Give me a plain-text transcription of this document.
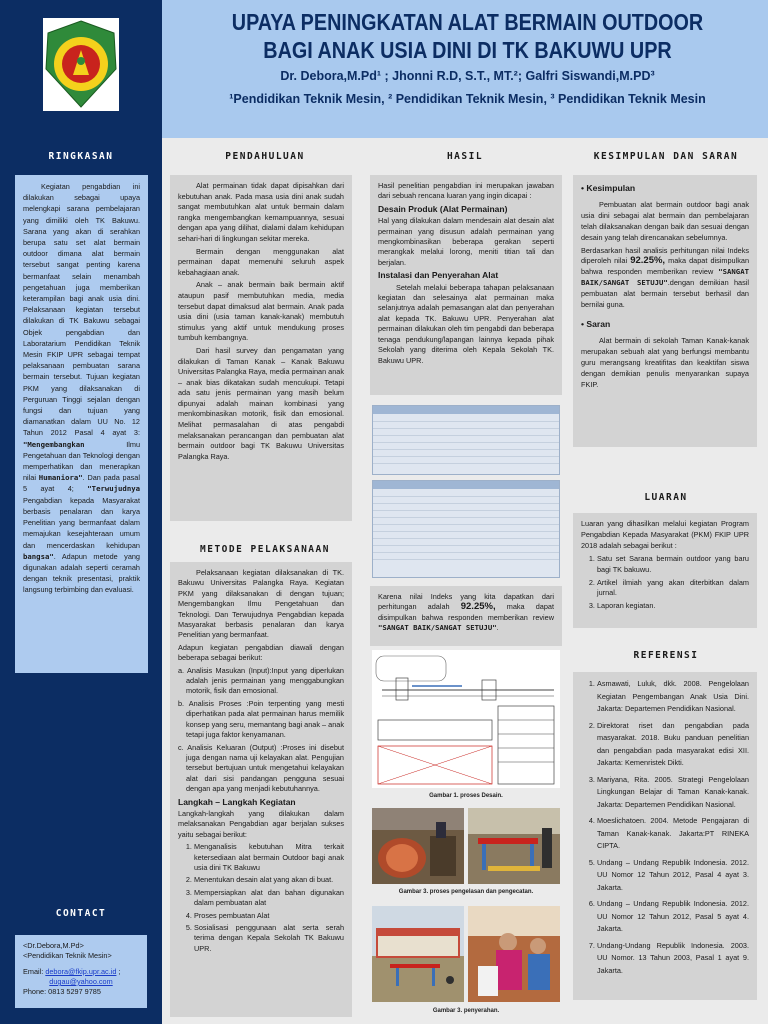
UPAYA PENINGKATAN ALAT BERMAIN OUTDOOR
BAGI ANAK USIA DINI DI TK BAKUWU UPR
Dr. Debora,M.Pd¹ ; Jhonni R.D, S.T., MT.²; Galfri Siswandi,M.PD³
¹Pendidikan Teknik Mesin, ² Pendidikan Teknik Mesin, ³ Pendidikan Teknik Mesin
RINGKASAN

Kegiatan pengabdian ini dilakukan sebagai upaya melengkapi sarana pembelajaran yang dimiliki oleh TK Bakuwu. Sarana yang akan di serahkan berupa satu set alat bermain outdoor dimana alat bermain tersebut sangat penting karena bermanfaat selain menambah pengetahuan juga memberikan keterampilan bagi anak usia dini. Pelaksanaan kegiatan tersebut dilakukan di TK Bakuwu sebagai Objek pengabdian dan Laboratarium Pendidikan Teknik Mesin FKIP UPR sebagai tempat pelaksanaan pembuatan sarana bermain tersebut. Tujuan kegiatan PKM yang dilaksanakan di Perguruan Tinggi sejalan dengan fungsi dan tujuan yang diamanatkan dalam UU No. 12 Tahun 2012 Pasal 4 ayat 3: "Mengembangkan Ilmu Pengetahuan dan Teknologi dengan memperhatikan dan menerapkan nilai Humaniora". Dan pada pasal 5 ayat 4; "Terwujudnya Pengabdian kepada Masyarakat berbasis penalaran dan karya Penelitian yang bermanfaat dalam memajukan kesejahteraan umum dan mencerdaskan kehidupan bangsa". Adapun metode yang digunakan adalah seperti ceramah dengan teknik presentasi, praktik langsung terbimbing dan evaluasi.

CONTACT
<Dr.Debora,M.Pd>
<Pendidikan Teknik Mesin>
Email: debora@fkip.upr.ac.id ;
dugau@yahoo.com
Phone: 0813 5297 9785
PENDAHULUAN

Alat permainan tidak dapat dipisahkan dari kebutuhan anak. Pada masa usia dini anak sudah sangat membutuhkan alat untuk bermain dalam rangka mengembangkan kemampuannya, sesuai dengan apa yang dilihat, dialami dalam kehidupan sehari-hari di lingkungan sekitar mereka.

Bermain dengan menggunakan alat permainan dapat memenuhi seluruh aspek kebahagiaan anak.

Anak – anak bermain baik bermain aktif ataupun pasif membutuhkan media, media tersebut dapat dimaksud alat bermain. Anak pada usia dini (usia taman kanak-kanak) membutuh stimulus yang aktif untuk mendukung proses tumbuh kembangnya.

Dari hasil survey dan pengamatan yang dilakukan di Taman Kanak – Kanak Bakuwu Universitas Palangka Raya, media permainan anak – anak bias dikatakan sudah mencukupi. Tetapi ada satu jenis permainan yang masih belum dipunyai adalah mainan kombinasi yang menkombinasikan motorik, fisik dan emosional. Melihat permasalahan di atas pengabdi melaksanakan perancangan dan pembuatan alat bermain outdoor bagi TK Bakuwu Universitas Palangka Raya.

METODE PELAKSANAAN

Pelaksanaan kegiatan dilaksanakan di TK. Bakuwu Universitas Palangka Raya. Kegiatan PKM yang dilaksanakan di dengan tujuan; Mengembangkan Ilmu Pengetahuan dan Teknologi. Dan Terwujudnya Pengabdian kepada Masyarakat berbasis penalaran dan karya Penelitian yang bermanfaat.

Adapun kegiatan pengabdian diawali dengan beberapa sebagai berikut:

a. Analisis Masukan (Input):Input yang diperlukan adalah jenis permainan yang menggabungkan motorik, fisik dan emosional.

b. Analisis Proses :Poin terpenting yang mesti diperhatikan pada alat permainan harus memilik konsep yang seru, memantang bagi anak – anak tetapi juga faktor kenyamanan.

c. Analisis Keluaran (Output) :Proses ini disebut juga dengan nama uji kelayakan alat. Pengujian tersebut bertujuan untuk mengetahui kelayakan alat dari sisi pandangan pengguna sesuai dengan apa yang menjadi kebutuhannya.

Langkah – Langkah Kegiatan

Langkah-langkah yang dilakukan dalam melaksanakan Pengabdian agar berjalan sukses yaitu sebagai berikut:

1. Menganalisis kebutuhan Mitra terkait ketersediaan alat bermain Outdoor bagi anak usia dini TK Bakuwu
2. Menentukan desain alat yang akan di buat.
3. Mempersiapkan alat dan bahan digunakan dalam pembuatan alat
4. Proses pembuatan Alat
5. Sosialisasi penggunaan alat serta serah terima dengan Kepala Sekolah TK Bakuwu UPR.
HASIL

Hasil penelitian pengabdian ini merupakan jawaban dari sebuah rencana luaran yang ingin dicapai :

Desain Produk (Alat Permainan)

Hal yang dilakukan dalam mendesain alat desain alat permainan yang disusun adalah permainan yang mengkombinasikan beberapa gerakan seperti merangkak melalui lorong, meniti titian tali dan berjalan.

Instalasi dan Penyerahan Alat

Setelah melalui beberapa tahapan pelaksanaan kegiatan dan selesainya alat permainan maka selanjutnya adalah pemasangan alat dan penyerahan alat kepada TK. Bakuwu UPR. Penyerahan alat permainan dilakukan oleh tim pengabdi dan beberapa tenaga pendukung/lapangan lainnya kepada pihak Sekolah yang diterima oleh Kepala Sekolah TK. Bakuwu UPR.

Karena nilai Indeks yang kita dapatkan dari perhitungan adalah 92.25%, maka dapat disimpulkan bahwa responden memberikan review "SANGAT BAIK/SANGAT SETUJU".

Gambar 1. proses Desain.
Gambar 3. proses pengelasan dan pengecatan.
Gambar 3. penyerahan.
KESIMPULAN DAN SARAN
• Kesimpulan

Pembuatan alat bermain outdoor bagi anak usia dini sebagai alat bermain dan pembelajaran telah dilaksanakan dengan baik dan sesuai dengan desain yang telah direncanakan sebelumnya.

Berdasarkan hasil analisis perhitungan nilai Indeks diperoleh nilai 92.25%, maka dapat disimpulkan bahwa responden memberikan review "SANGAT BAIK/SANGAT SETUJU".dengan demikian hasil pembuatan alat bermain tersebut berhasil dan bernilai guna.

• Saran

Alat bermain di sekolah Taman Kanak-kanak merupakan sebuah alat yang berfungsi membantu guru merangsang kreatifitas dan keaktifan siswa dengan demikian penulis menyarankan supaya FKIP.

LUARAN

Luaran yang dihasilkan melalui kegiatan Program Pengabdian Kepada Masyarakat (PKM) FKIP UPR 2018 adalah sebagai berikut :

1. Satu set Sarana bermain outdoor yang baru bagi TK bakuwu.
2. Artikel ilmiah yang akan diterbitkan dalam jurnal.
3. Laporan kegiatan.
REFERENSI
1. Asmawati, Luluk, dkk. 2008. Pengelolaan Kegiatan Pengembangan Anak Usia Dini. Jakarta: Departemen Pendidikan Nasional.
2. Direktorat riset dan pengabdian pada masyarakat. 2018. Buku panduan penelitian dan pengabdian pada masyarakat edisi XII. Jakarta: Kemenristek Dikti.
3. Mariyana, Rita. 2005. Strategi Pengelolaan Lingkungan Belajar di Taman Kanak-kanak. Jakarta: Departemen Pendidikan Nasional.
4. Moeslichatoen. 2004. Metode Pengajaran di Taman Kanak-kanak. Jakarta:PT RINEKA CIPTA.
5. Undang – Undang Republik Indonesia. 2012. UU Nomor 12 Tahun 2012, Pasal 4 ayat 3. Jakarta.
6. Undang – Undang Republik Indonesia. 2012. UU Nomor 12 Tahun 2012, Pasal 5 ayat 4. Jakarta.
7. Undang-Undang Republik Indonesia. 2003. UU Nomor. 13 Tahun 2003, Pasal 1 ayat 9. Jakarta.
